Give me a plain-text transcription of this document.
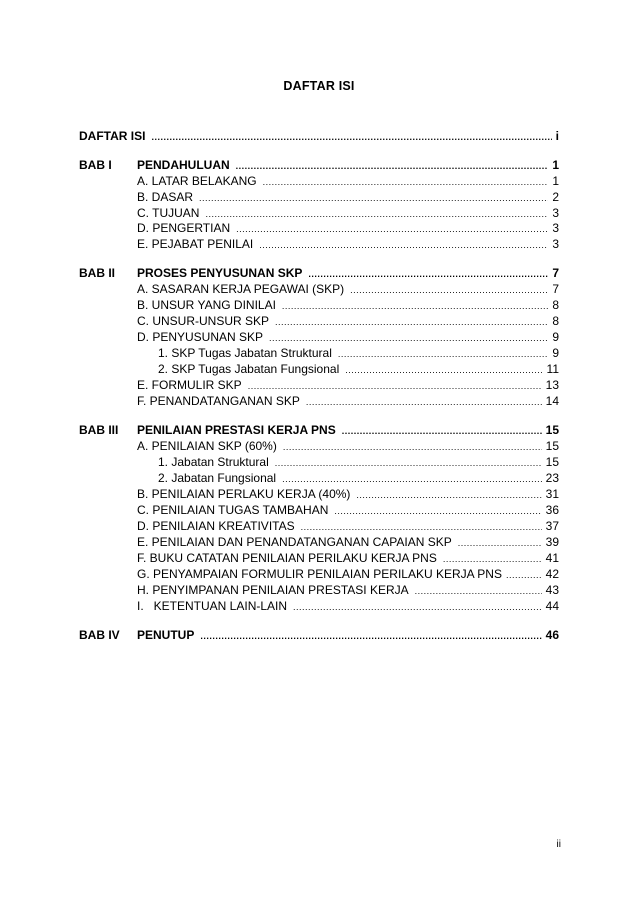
DAFTAR ISI
DAFTAR ISI .....	i
BAB I PENDAHULUAN .....	1
A. LATAR BELAKANG .....	1
B. DASAR .....	2
C. TUJUAN .....	3
D. PENGERTIAN .....	3
E. PEJABAT PENILAI .....	3
BAB II PROSES PENYUSUNAN SKP .....	7
A. SASARAN KERJA PEGAWAI (SKP) .....	7
B. UNSUR YANG DINILAI .....	8
C. UNSUR-UNSUR SKP .....	8
D. PENYUSUNAN SKP .....	9
1. SKP Tugas Jabatan Struktural .....	9
2. SKP Tugas Jabatan Fungsional .....	11
E. FORMULIR SKP .....	13
F. PENANDATANGANAN SKP .....	14
BAB III PENILAIAN PRESTASI KERJA PNS .....	15
A. PENILAIAN SKP (60%) .....	15
1. Jabatan Struktural .....	15
2. Jabatan Fungsional .....	23
B. PENILAIAN PERLAKU KERJA (40%) .....	31
C. PENILAIAN TUGAS TAMBAHAN .....	36
D. PENILAIAN KREATIVITAS .....	37
E. PENILAIAN DAN PENANDATANGANAN CAPAIAN SKP .....	39
F. BUKU CATATAN PENILAIAN PERILAKU KERJA PNS .....	41
G. PENYAMPAIAN FORMULIR PENILAIAN PERILAKU KERJA PNS .....	42
H. PENYIMPANAN PENILAIAN PRESTASI KERJA .....	43
I.   KETENTUAN LAIN-LAIN .....	44
BAB IV PENUTUP .....	46
ii
